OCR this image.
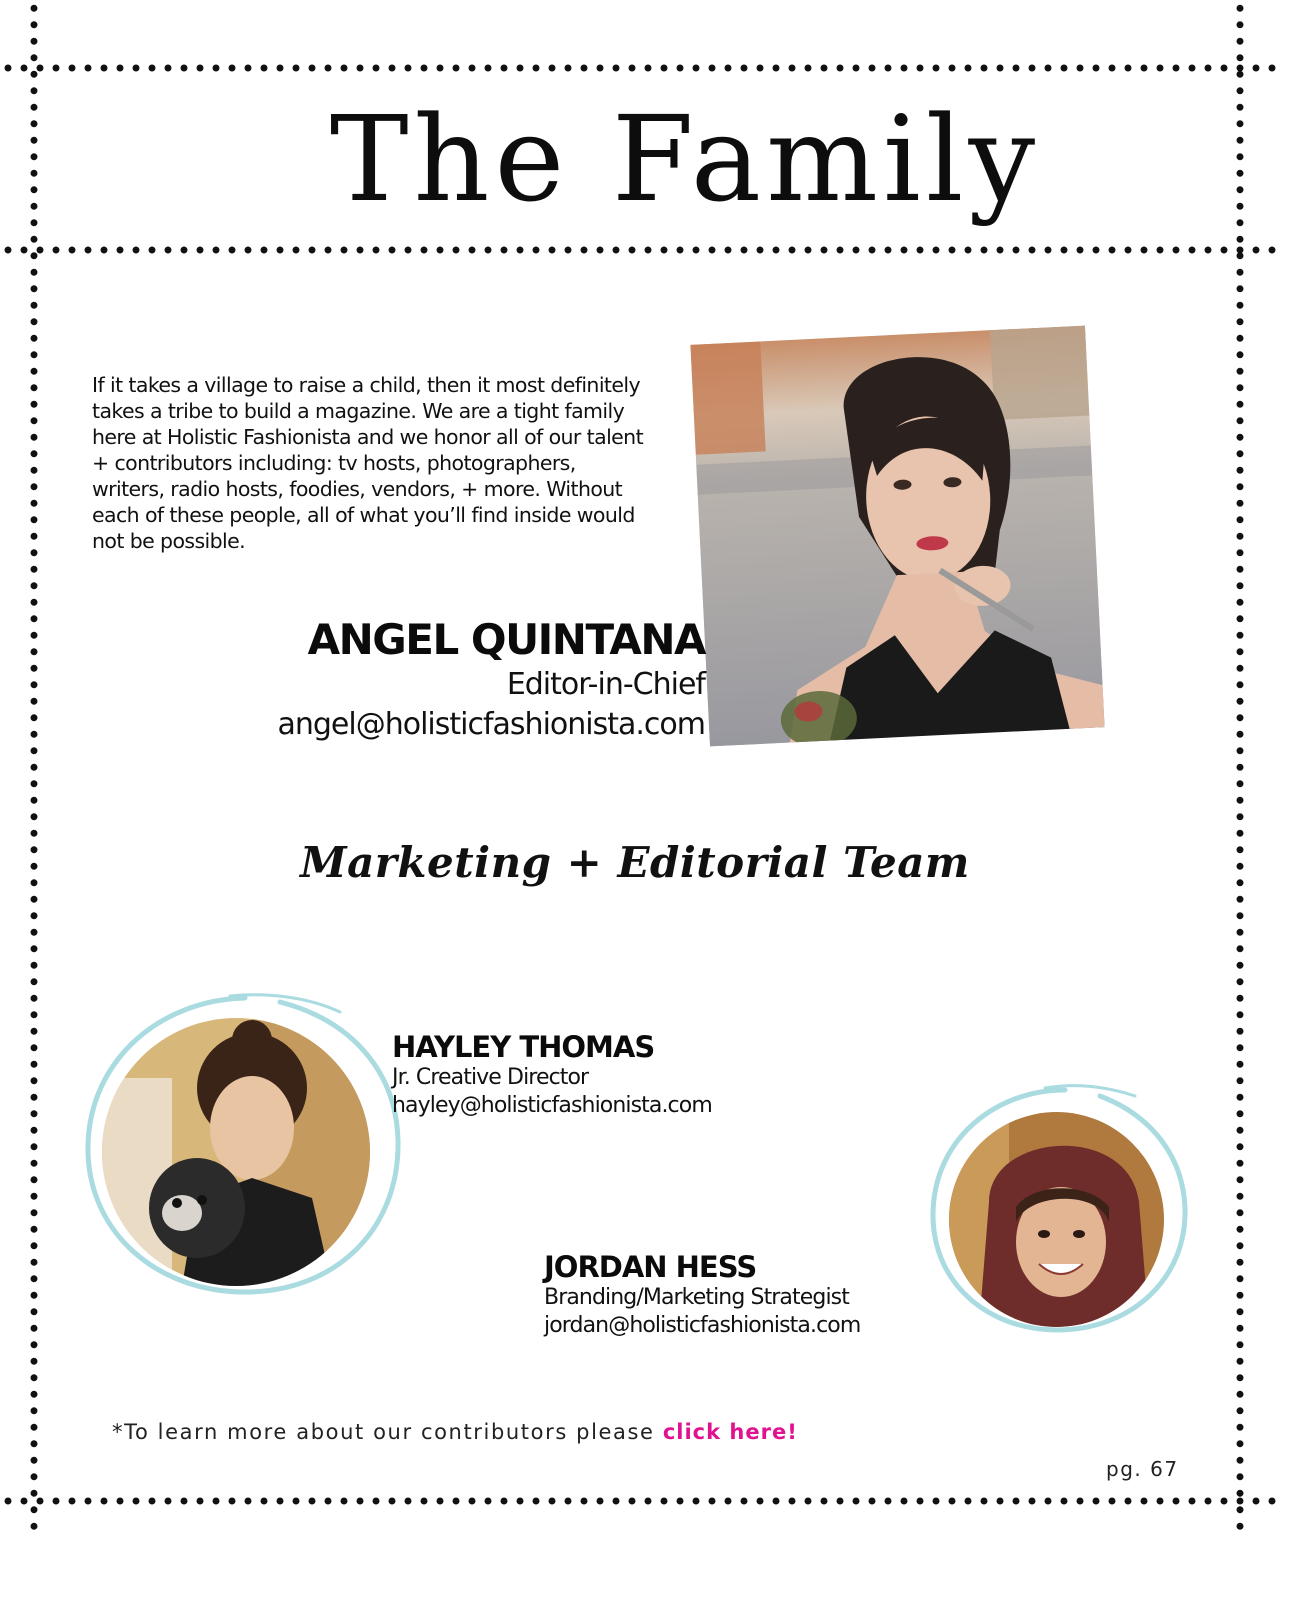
The Family

If it takes a village to raise a child, then it most definitely takes a tribe to build a magazine. We are a tight family here at Holistic Fashionista and we honor all of our talent + contributors including: tv hosts, photographers, writers, radio hosts, foodies, vendors, + more. Without each of these people, all of what you’ll find inside would not be possible.

ANGEL QUINTANA
Editor-in-Chief
angel@holisticfashionista.com
Marketing + Editorial Team
HAYLEY THOMAS
Jr. Creative Director
hayley@holisticfashionista.com
JORDAN HESS
Branding/Marketing Strategist
jordan@holisticfashionista.com
*To learn more about our contributors please click here!
pg. 67
